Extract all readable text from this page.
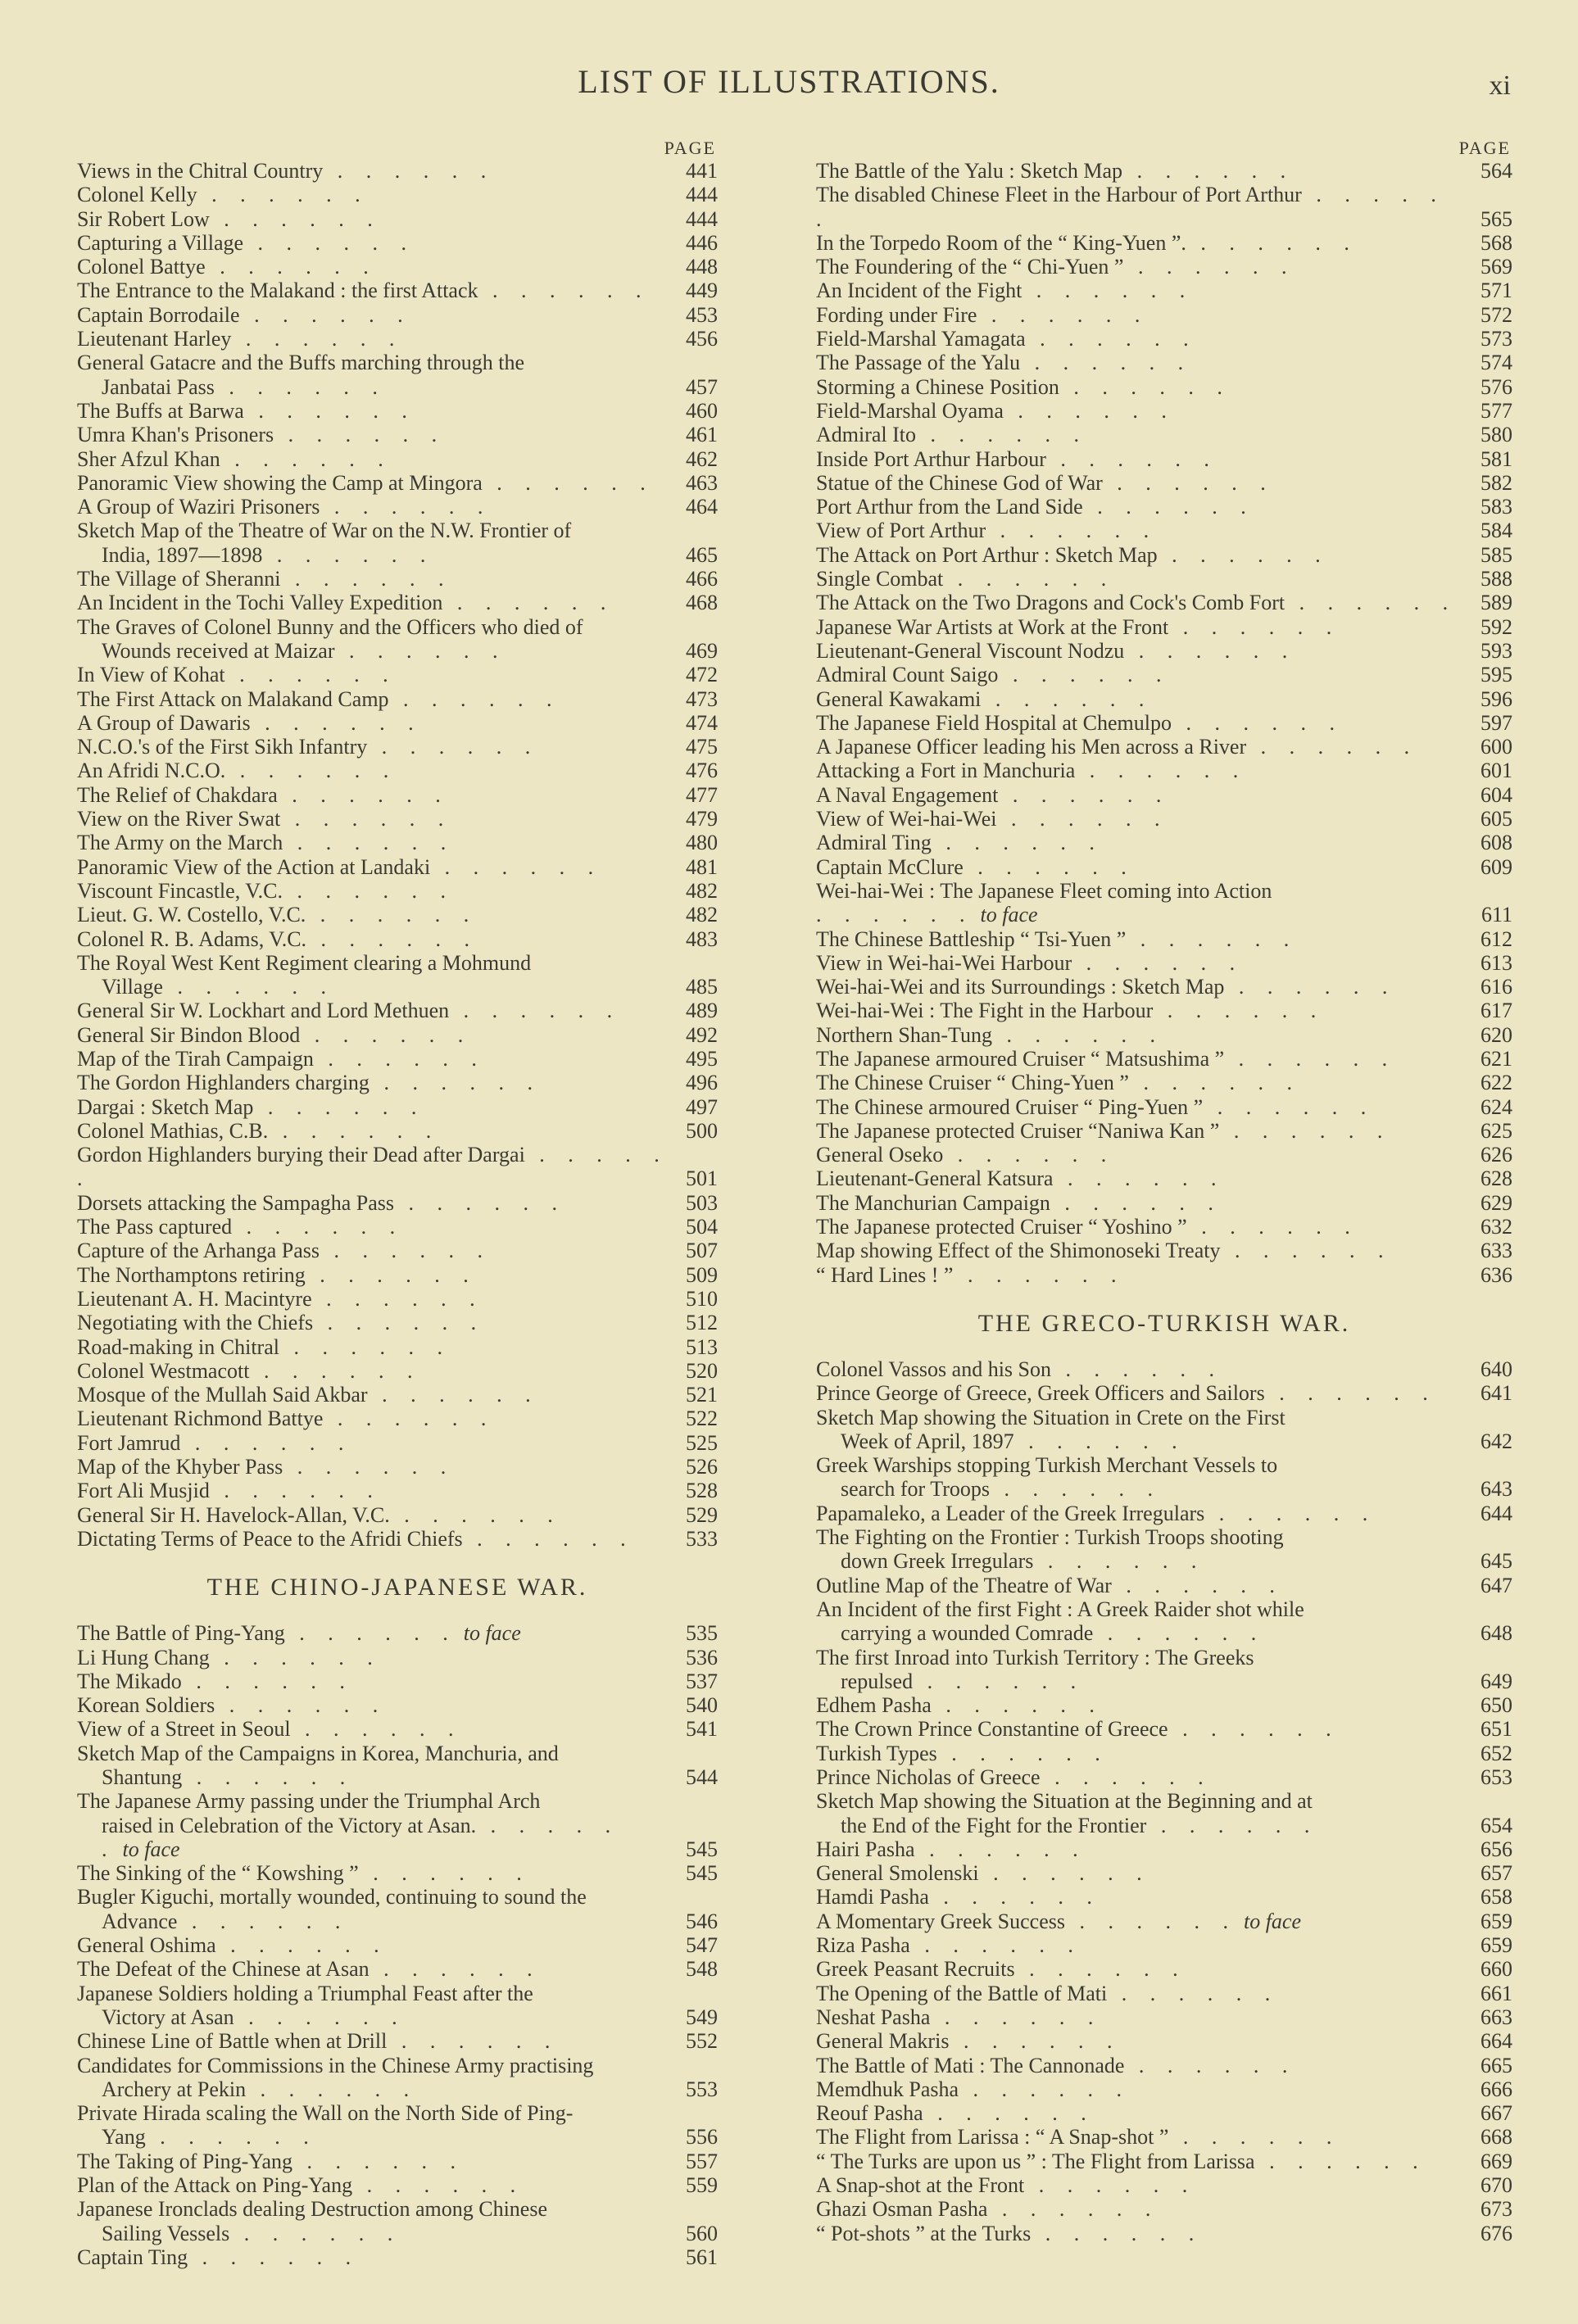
LIST OF ILLUSTRATIONS.	xi
PAGE
Views in the Chitral Country . . . . . .	441
Colonel Kelly . . . . . .	444
Sir Robert Low . . . . . .	444
Capturing a Village . . . . . .	446
Colonel Battye . . . . . .	448
The Entrance to the Malakand : the first Attack . . . . . .	449
Captain Borrodaile . . . . . .	453
Lieutenant Harley . . . . . .	456
General Gatacre and the Buffs marching through the
Janbatai Pass . . . . . .	457
The Buffs at Barwa . . . . . .	460
Umra Khan's Prisoners . . . . . .	461
Sher Afzul Khan . . . . . .	462
Panoramic View showing the Camp at Mingora . . . . . .	463
A Group of Waziri Prisoners . . . . . .	464
Sketch Map of the Theatre of War on the N.W. Frontier of
India, 1897—1898 . . . . . .	465
The Village of Sheranni . . . . . .	466
An Incident in the Tochi Valley Expedition . . . . . .	468
The Graves of Colonel Bunny and the Officers who died of
Wounds received at Maizar . . . . . .	469
In View of Kohat . . . . . .	472
The First Attack on Malakand Camp . . . . . .	473
A Group of Dawaris . . . . . .	474
N.C.O.'s of the First Sikh Infantry . . . . . .	475
An Afridi N.C.O. . . . . . .	476
The Relief of Chakdara . . . . . .	477
View on the River Swat . . . . . .	479
The Army on the March . . . . . .	480
Panoramic View of the Action at Landaki . . . . . .	481
Viscount Fincastle, V.C. . . . . . .	482
Lieut. G. W. Costello, V.C. . . . . . .	482
Colonel R. B. Adams, V.C. . . . . . .	483
The Royal West Kent Regiment clearing a Mohmund
Village . . . . . .	485
General Sir W. Lockhart and Lord Methuen . . . . . .	489
General Sir Bindon Blood . . . . . .	492
Map of the Tirah Campaign . . . . . .	495
The Gordon Highlanders charging . . . . . .	496
Dargai : Sketch Map . . . . . .	497
Colonel Mathias, C.B. . . . . . .	500
Gordon Highlanders burying their Dead after Dargai . . . . . .	501
Dorsets attacking the Sampagha Pass . . . . . .	503
The Pass captured . . . . . .	504
Capture of the Arhanga Pass . . . . . .	507
The Northamptons retiring . . . . . .	509
Lieutenant A. H. Macintyre . . . . . .	510
Negotiating with the Chiefs . . . . . .	512
Road-making in Chitral . . . . . .	513
Colonel Westmacott . . . . . .	520
Mosque of the Mullah Said Akbar . . . . . .	521
Lieutenant Richmond Battye . . . . . .	522
Fort Jamrud . . . . . .	525
Map of the Khyber Pass . . . . . .	526
Fort Ali Musjid . . . . . .	528
General Sir H. Havelock-Allan, V.C. . . . . . .	529
Dictating Terms of Peace to the Afridi Chiefs . . . . . .	533
THE CHINO-JAPANESE WAR.
The Battle of Ping-Yang . . . . . . to face	535
Li Hung Chang . . . . . .	536
The Mikado . . . . . .	537
Korean Soldiers . . . . . .	540
View of a Street in Seoul . . . . . .	541
Sketch Map of the Campaigns in Korea, Manchuria, and
Shantung . . . . . .	544
The Japanese Army passing under the Triumphal Arch
raised in Celebration of the Victory at Asan. . . . . . . to face	545
The Sinking of the “ Kowshing ” . . . . . .	545
Bugler Kiguchi, mortally wounded, continuing to sound the
Advance . . . . . .	546
General Oshima . . . . . .	547
The Defeat of the Chinese at Asan . . . . . .	548
Japanese Soldiers holding a Triumphal Feast after the
Victory at Asan . . . . . .	549
Chinese Line of Battle when at Drill . . . . . .	552
Candidates for Commissions in the Chinese Army practising
Archery at Pekin . . . . . .	553
Private Hirada scaling the Wall on the North Side of Ping-
Yang . . . . . .	556
The Taking of Ping-Yang . . . . . .	557
Plan of the Attack on Ping-Yang . . . . . .	559
Japanese Ironclads dealing Destruction among Chinese
Sailing Vessels . . . . . .	560
Captain Ting . . . . . .	561
PAGE
The Battle of the Yalu : Sketch Map . . . . . .	564
The disabled Chinese Fleet in the Harbour of Port Arthur . . . . . .	565
In the Torpedo Room of the “ King-Yuen ”. . . . . . .	568
The Foundering of the “ Chi-Yuen ” . . . . . .	569
An Incident of the Fight . . . . . .	571
Fording under Fire . . . . . .	572
Field-Marshal Yamagata . . . . . .	573
The Passage of the Yalu . . . . . .	574
Storming a Chinese Position . . . . . .	576
Field-Marshal Oyama . . . . . .	577
Admiral Ito . . . . . .	580
Inside Port Arthur Harbour . . . . . .	581
Statue of the Chinese God of War . . . . . .	582
Port Arthur from the Land Side . . . . . .	583
View of Port Arthur . . . . . .	584
The Attack on Port Arthur : Sketch Map . . . . . .	585
Single Combat . . . . . .	588
The Attack on the Two Dragons and Cock's Comb Fort . . . . . .	589
Japanese War Artists at Work at the Front . . . . . .	592
Lieutenant-General Viscount Nodzu . . . . . .	593
Admiral Count Saigo . . . . . .	595
General Kawakami . . . . . .	596
The Japanese Field Hospital at Chemulpo . . . . . .	597
A Japanese Officer leading his Men across a River . . . . . .	600
Attacking a Fort in Manchuria . . . . . .	601
A Naval Engagement . . . . . .	604
View of Wei-hai-Wei . . . . . .	605
Admiral Ting . . . . . .	608
Captain McClure . . . . . .	609
Wei-hai-Wei : The Japanese Fleet coming into Action
. . . . . . to face	611
The Chinese Battleship “ Tsi-Yuen ” . . . . . .	612
View in Wei-hai-Wei Harbour . . . . . .	613
Wei-hai-Wei and its Surroundings : Sketch Map . . . . . .	616
Wei-hai-Wei : The Fight in the Harbour . . . . . .	617
Northern Shan-Tung . . . . . .	620
The Japanese armoured Cruiser “ Matsushima ” . . . . . .	621
The Chinese Cruiser “ Ching-Yuen ” . . . . . .	622
The Chinese armoured Cruiser “ Ping-Yuen ” . . . . . .	624
The Japanese protected Cruiser “Naniwa Kan ” . . . . . .	625
General Oseko . . . . . .	626
Lieutenant-General Katsura . . . . . .	628
The Manchurian Campaign . . . . . .	629
The Japanese protected Cruiser “ Yoshino ” . . . . . .	632
Map showing Effect of the Shimonoseki Treaty . . . . . .	633
“ Hard Lines ! ” . . . . . .	636
THE GRECO-TURKISH WAR.
Colonel Vassos and his Son . . . . . .	640
Prince George of Greece, Greek Officers and Sailors . . . . . .	641
Sketch Map showing the Situation in Crete on the First
Week of April, 1897 . . . . . .	642
Greek Warships stopping Turkish Merchant Vessels to
search for Troops . . . . . .	643
Papamaleko, a Leader of the Greek Irregulars . . . . . .	644
The Fighting on the Frontier : Turkish Troops shooting
down Greek Irregulars . . . . . .	645
Outline Map of the Theatre of War . . . . . .	647
An Incident of the first Fight : A Greek Raider shot while
carrying a wounded Comrade . . . . . .	648
The first Inroad into Turkish Territory : The Greeks
repulsed . . . . . .	649
Edhem Pasha . . . . . .	650
The Crown Prince Constantine of Greece . . . . . .	651
Turkish Types . . . . . .	652
Prince Nicholas of Greece . . . . . .	653
Sketch Map showing the Situation at the Beginning and at
the End of the Fight for the Frontier . . . . . .	654
Hairi Pasha . . . . . .	656
General Smolenski . . . . . .	657
Hamdi Pasha . . . . . .	658
A Momentary Greek Success . . . . . . to face	659
Riza Pasha . . . . . .	659
Greek Peasant Recruits . . . . . .	660
The Opening of the Battle of Mati . . . . . .	661
Neshat Pasha . . . . . .	663
General Makris . . . . . .	664
The Battle of Mati : The Cannonade . . . . . .	665
Memdhuk Pasha . . . . . .	666
Reouf Pasha . . . . . .	667
The Flight from Larissa : “ A Snap-shot ” . . . . . .	668
“ The Turks are upon us ” : The Flight from Larissa . . . . . .	669
A Snap-shot at the Front . . . . . .	670
Ghazi Osman Pasha . . . . . .	673
“ Pot-shots ” at the Turks . . . . . .	676
